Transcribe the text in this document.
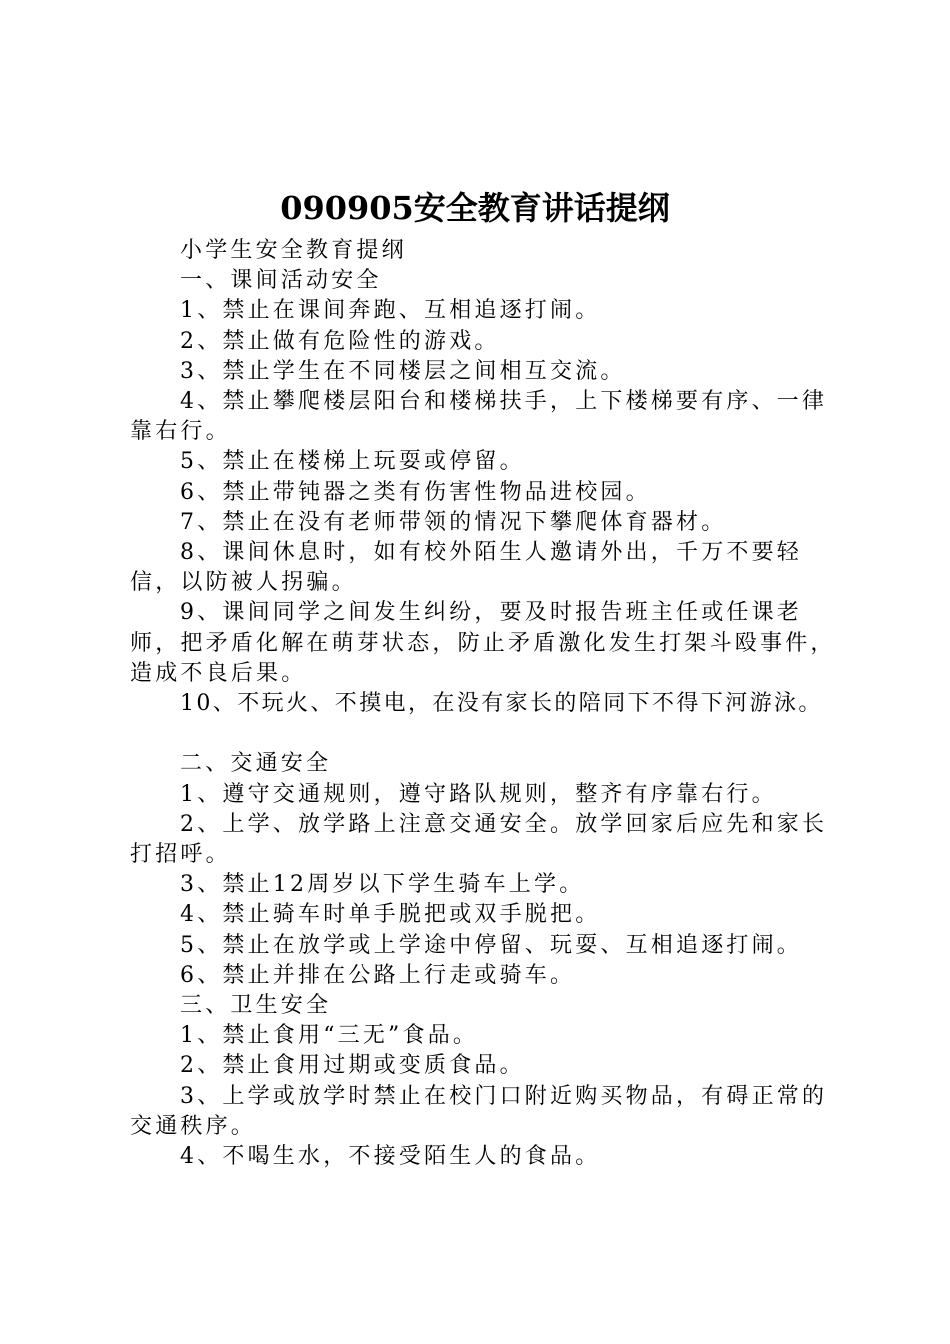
090905安全教育讲话提纲

小学生安全教育提纲

一、课间活动安全

1、禁止在课间奔跑、互相追逐打闹。

2、禁止做有危险性的游戏。

3、禁止学生在不同楼层之间相互交流。

4、禁止攀爬楼层阳台和楼梯扶手，上下楼梯要有序、一律靠右行。

5、禁止在楼梯上玩耍或停留。

6、禁止带钝器之类有伤害性物品进校园。

7、禁止在没有老师带领的情况下攀爬体育器材。

8、课间休息时，如有校外陌生人邀请外出，千万不要轻信，以防被人拐骗。

9、课间同学之间发生纠纷，要及时报告班主任或任课老师，把矛盾化解在萌芽状态，防止矛盾激化发生打架斗殴事件，造成不良后果。

10、不玩火、不摸电，在没有家长的陪同下不得下河游泳。

二、交通安全

1、遵守交通规则，遵守路队规则，整齐有序靠右行。

2、上学、放学路上注意交通安全。放学回家后应先和家长打招呼。

3、禁止12周岁以下学生骑车上学。

4、禁止骑车时单手脱把或双手脱把。

5、禁止在放学或上学途中停留、玩耍、互相追逐打闹。

6、禁止并排在公路上行走或骑车。

三、卫生安全

1、禁止食用“三无”食品。

2、禁止食用过期或变质食品。

3、上学或放学时禁止在校门口附近购买物品，有碍正常的交通秩序。

4、不喝生水，不接受陌生人的食品。
